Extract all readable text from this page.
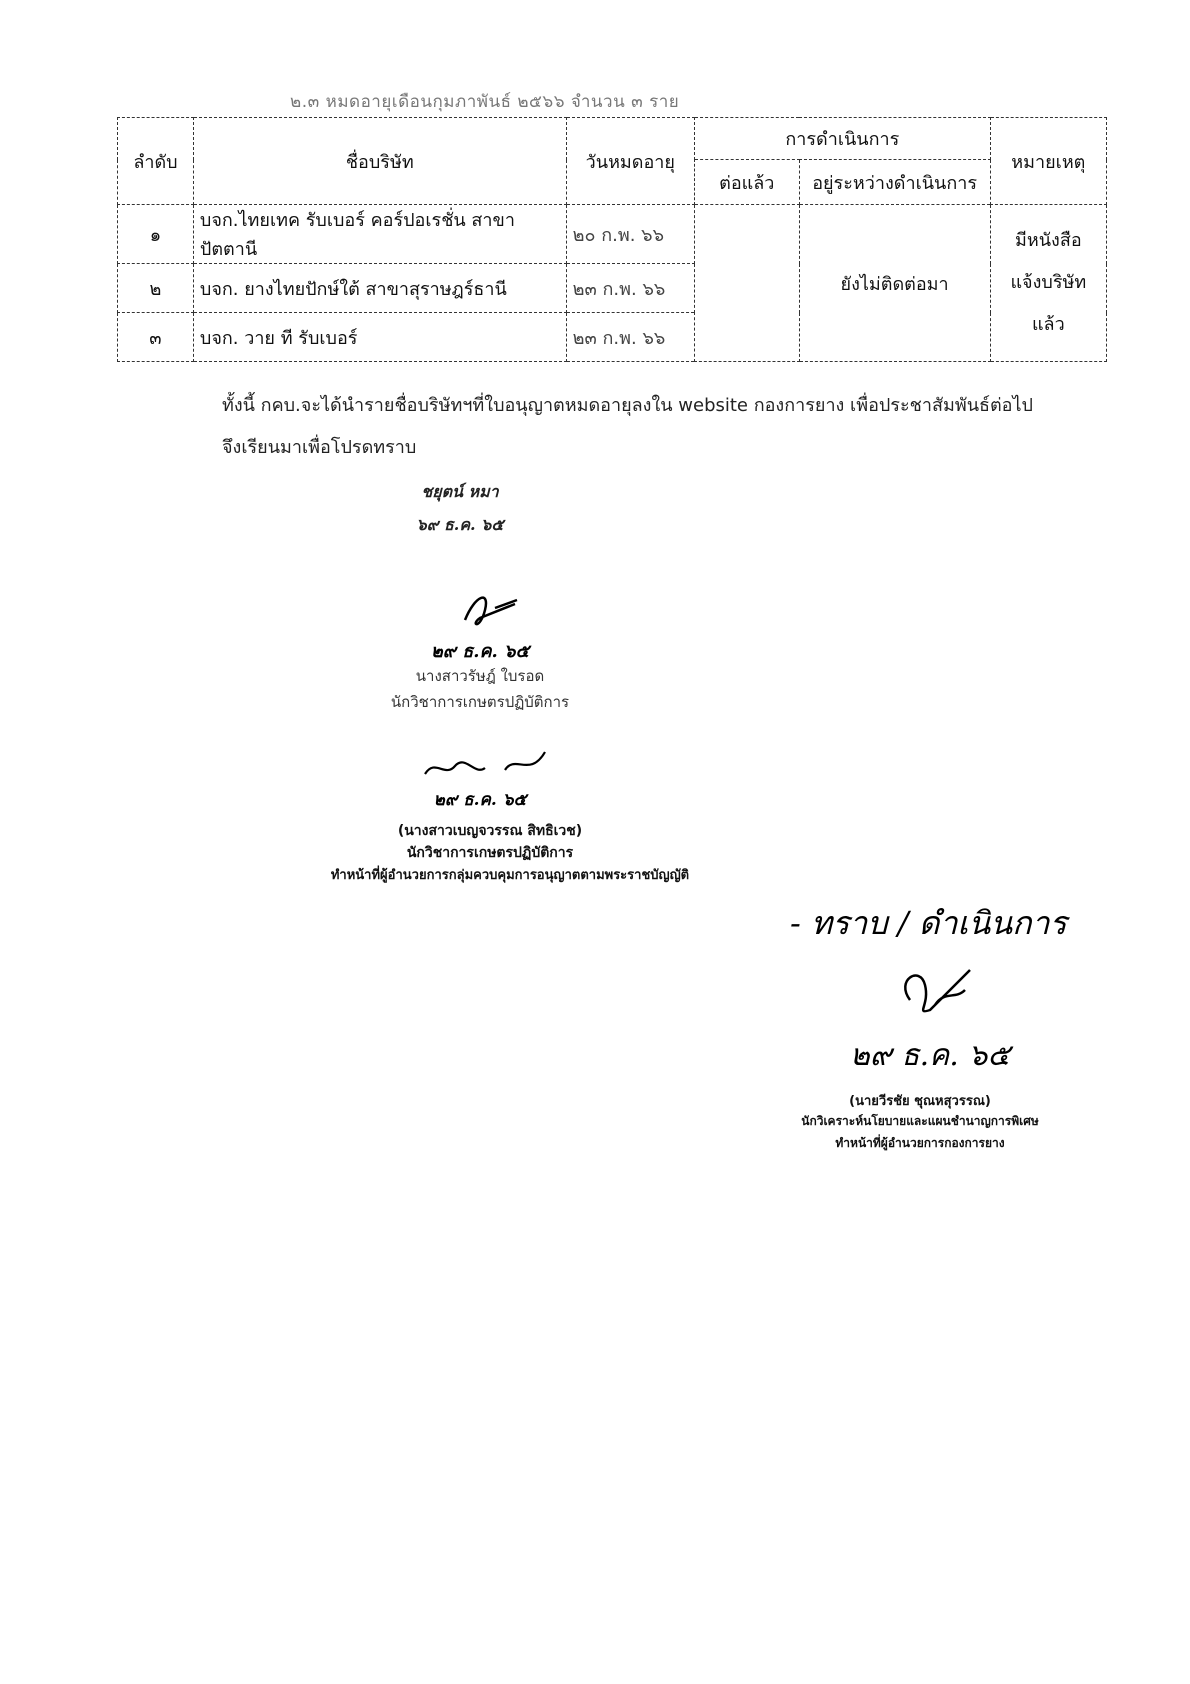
๒.๓ หมดอายุเดือนกุมภาพันธ์ ๒๕๖๖ จำนวน ๓ ราย
ลำดับ	ชื่อบริษัท	วันหมดอายุ	การดำเนินการ		หมายเหตุ
			ต่อแล้ว	อยู่ระหว่างดำเนินการ	
๑	บจก.ไทยเทค รับเบอร์ คอร์ปอเรชั่น สาขาปัตตานี	๒๐ ก.พ. ๖๖		ยังไม่ติดต่อมา	มีหนังสือ
แจ้งบริษัท
แล้ว

๒	บจก. ยางไทยปักษ์ใต้ สาขาสุราษฎร์ธานี	๒๓ ก.พ. ๖๖			
๓	บจก. วาย ที รับเบอร์	๒๓ ก.พ. ๖๖			
ทั้งนี้ กคบ.จะได้นำรายชื่อบริษัทฯที่ใบอนุญาตหมดอายุลงใน website กองการยาง เพื่อประชาสัมพันธ์ต่อไป
จึงเรียนมาเพื่อโปรดทราบ
ชยุตน์ หมา
๖๙ ธ.ค. ๖๕
๒๙ ธ.ค. ๖๕
นางสาวรัษฎ์ ใบรอด
นักวิชาการเกษตรปฏิบัติการ
๒๙ ธ.ค. ๖๕
(นางสาวเบญจวรรณ สิทธิเวช)
นักวิชาการเกษตรปฏิบัติการ
ทำหน้าที่ผู้อำนวยการกลุ่มควบคุมการอนุญาตตามพระราชบัญญัติ
- ทราบ / ดำเนินการ
๒๙ ธ.ค. ๖๕
(นายวีรชัย ชุณหสุวรรณ)
นักวิเคราะห์นโยบายและแผนชำนาญการพิเศษ
ทำหน้าที่ผู้อำนวยการกองการยาง
